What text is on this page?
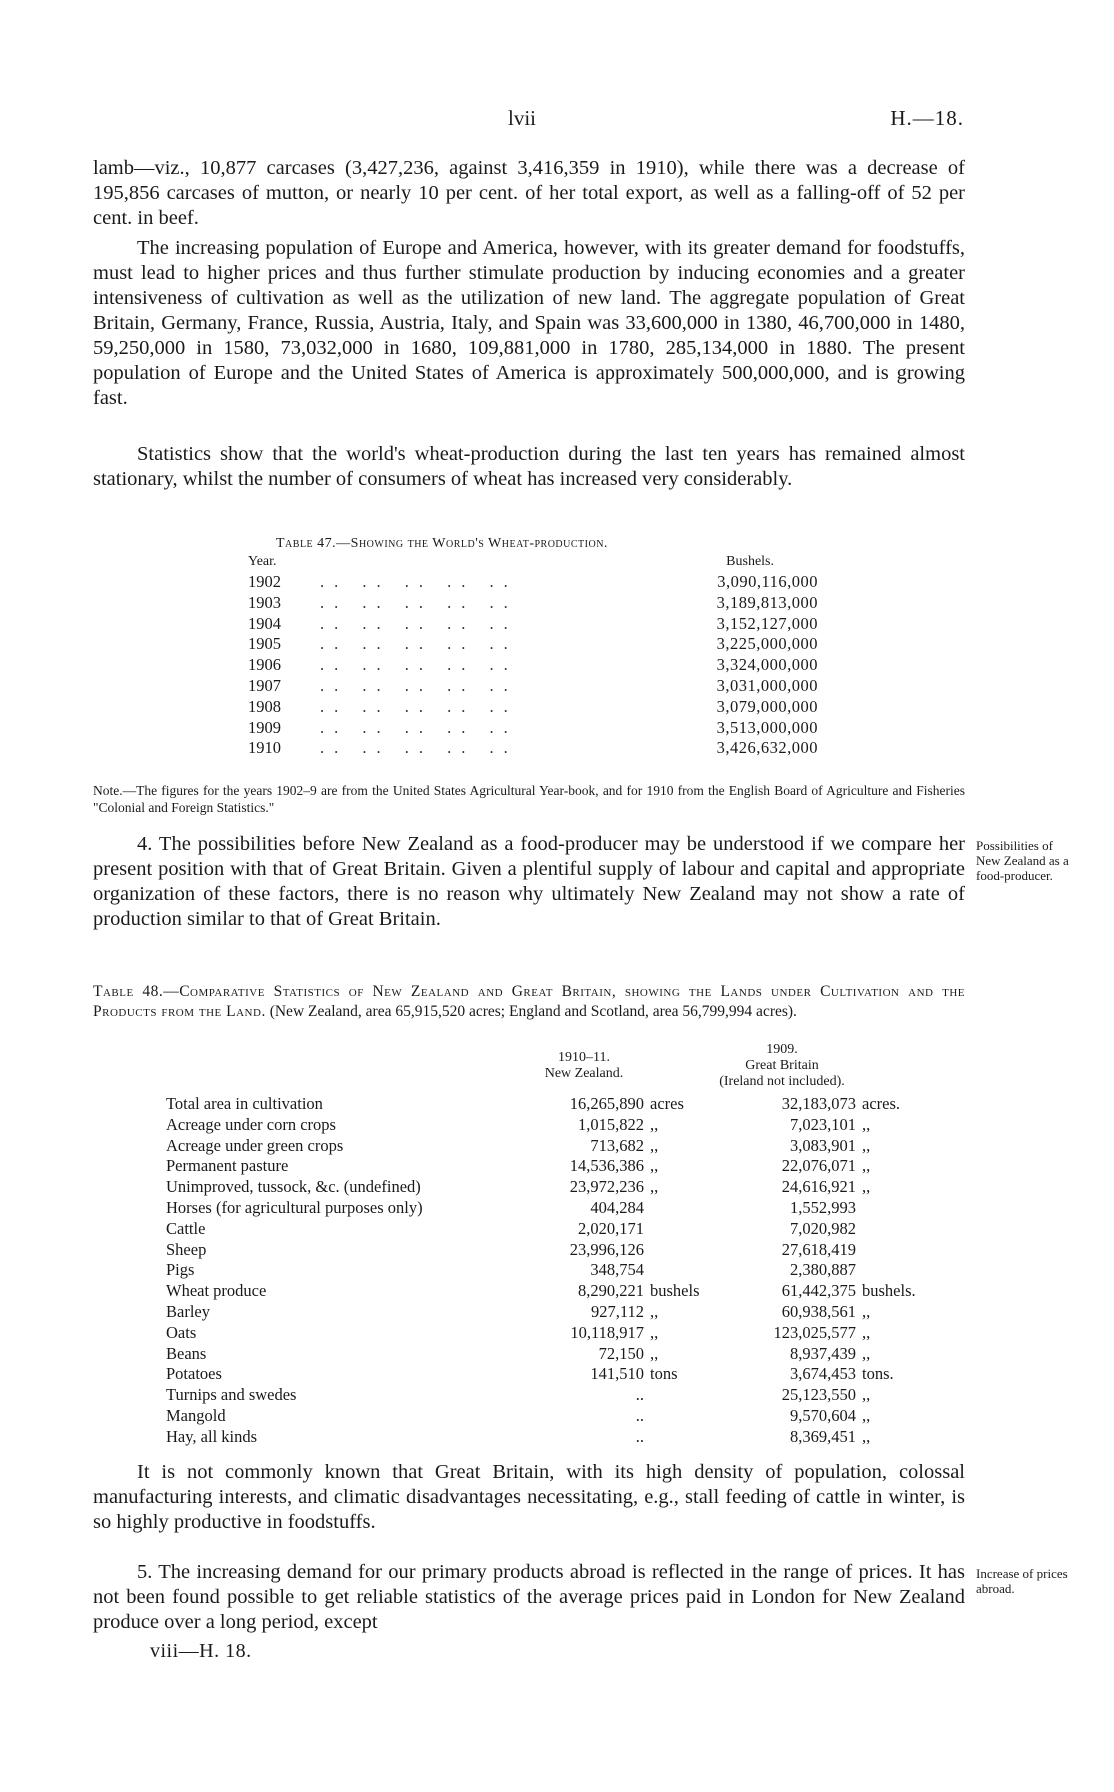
lvii	H.—18.

lamb—viz., 10,877 carcases (3,427,236, against 3,416,359 in 1910), while there was a decrease of 195,856 carcases of mutton, or nearly 10 per cent. of her total export, as well as a falling-off of 52 per cent. in beef.

The increasing population of Europe and America, however, with its greater demand for foodstuffs, must lead to higher prices and thus further stimulate production by inducing economies and a greater intensiveness of cultivation as well as the utilization of new land. The aggregate population of Great Britain, Germany, France, Russia, Austria, Italy, and Spain was 33,600,000 in 1380, 46,700,000 in 1480, 59,250,000 in 1580, 73,032,000 in 1680, 109,881,000 in 1780, 285,134,000 in 1880. The present population of Europe and the United States of America is approximately 500,000,000, and is growing fast.

Statistics show that the world's wheat-production during the last ten years has remained almost stationary, whilst the number of consumers of wheat has increased very considerably.

Table 47.—Showing the World's Wheat-production.
Year.	Bushels.
1902	.. .. .. .. ..	3,090,116,000
1903	.. .. .. .. ..	3,189,813,000
1904	.. .. .. .. ..	3,152,127,000
1905	.. .. .. .. ..	3,225,000,000
1906	.. .. .. .. ..	3,324,000,000
1907	.. .. .. .. ..	3,031,000,000
1908	.. .. .. .. ..	3,079,000,000
1909	.. .. .. .. ..	3,513,000,000
1910	.. .. .. .. ..	3,426,632,000

Note.—The figures for the years 1902–9 are from the United States Agricultural Year-book, and for 1910 from the English Board of Agriculture and Fisheries "Colonial and Foreign Statistics."

4. The possibilities before New Zealand as a food-producer may be understood if we compare her present position with that of Great Britain. Given a plentiful supply of labour and capital and appropriate organization of these factors, there is no reason why ultimately New Zealand may not show a rate of production similar to that of Great Britain.

Possibilities of New Zealand as a food-producer.

Table 48.—Comparative Statistics of New Zealand and Great Britain, showing the Lands under Cultivation and the Products from the Land. (New Zealand, area 65,915,520 acres; England and Scotland, area 56,799,994 acres).

1910–11.
New Zealand.
1909.
Great Britain
(Ireland not included).
Total area in cultivation	16,265,890 acres	32,183,073 acres.
Acreage under corn crops	1,015,822 ,,	7,023,101 ,,
Acreage under green crops	713,682 ,,	3,083,901 ,,
Permanent pasture	14,536,386 ,,	22,076,071 ,,
Unimproved, tussock, &c. (undefined)	23,972,236 ,,	24,616,921 ,,
Horses (for agricultural purposes only)	404,284	1,552,993
Cattle	2,020,171	7,020,982
Sheep	23,996,126	27,618,419
Pigs	348,754	2,380,887
Wheat produce	8,290,221 bushels	61,442,375 bushels.
Barley	927,112 ,,	60,938,561 ,,
Oats	10,118,917 ,,	123,025,577 ,,
Beans	72,150 ,,	8,937,439 ,,
Potatoes	141,510 tons	3,674,453 tons.
Turnips and swedes	..	25,123,550 ,,
Mangold	..	9,570,604 ,,
Hay, all kinds	..	8,369,451 ,,

It is not commonly known that Great Britain, with its high density of population, colossal manufacturing interests, and climatic disadvantages necessitating, e.g., stall feeding of cattle in winter, is so highly productive in foodstuffs.

5. The increasing demand for our primary products abroad is reflected in the range of prices. It has not been found possible to get reliable statistics of the average prices paid in London for New Zealand produce over a long period, except

Increase of prices abroad.
viii—H. 18.
